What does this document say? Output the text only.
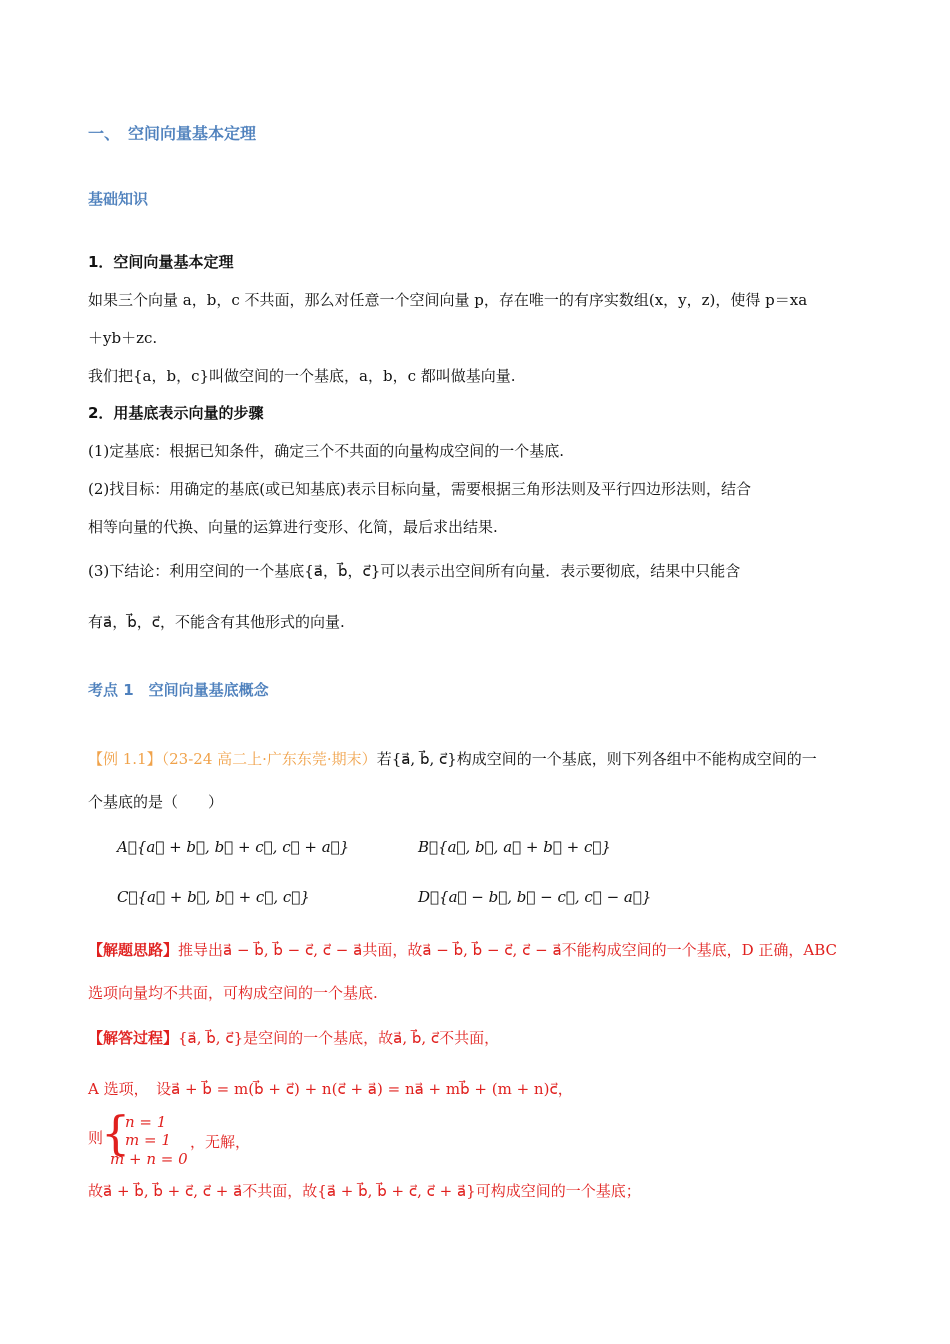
一、　空间向量基本定理
基础知识
1．空间向量基本定理
如果三个向量 a，b，c 不共面，那么对任意一个空间向量 p，存在唯一的有序实数组(x，y，z)，使得 p＝xa
＋yb＋zc.
我们把{a，b，c}叫做空间的一个基底，a，b，c 都叫做基向量.
2．用基底表示向量的步骤
(1)定基底：根据已知条件，确定三个不共面的向量构成空间的一个基底.
(2)找目标：用确定的基底(或已知基底)表示目标向量，需要根据三角形法则及平行四边形法则，结合
相等向量的代换、向量的运算进行变形、化简，最后求出结果.
(3)下结论：利用空间的一个基底{a⃗，b⃗，c⃗}可以表示出空间所有向量．表示要彻底，结果中只能含
有a⃗，b⃗，c⃗，不能含有其他形式的向量.
考点 1　空间向量基底概念
【例 1.1】（23-24 高二上·广东东莞·期末）若{a⃗, b⃗, c⃗}构成空间的一个基底，则下列各组中不能构成空间的一
个基底的是（　　）
A．{a⃗ + b⃗, b⃗ + c⃗, c⃗ + a⃗}	B．{a⃗, b⃗, a⃗ + b⃗ + c⃗}
C．{a⃗ + b⃗, b⃗ + c⃗, c⃗}	D．{a⃗ − b⃗, b⃗ − c⃗, c⃗ − a⃗}
【解题思路】推导出a⃗ − b⃗, b⃗ − c⃗, c⃗ − a⃗共面，故a⃗ − b⃗, b⃗ − c⃗, c⃗ − a⃗不能构成空间的一个基底，D 正确，ABC
选项向量均不共面，可构成空间的一个基底.
【解答过程】{a⃗, b⃗, c⃗}是空间的一个基底，故a⃗, b⃗, c⃗不共面，
A 选项，　设a⃗ + b⃗ = m(b⃗ + c⃗) + n(c⃗ + a⃗) = na⃗ + mb⃗ + (m + n)c⃗，
则
{
n = 1
m = 1
m + n = 0
，无解，
故a⃗ + b⃗, b⃗ + c⃗, c⃗ + a⃗不共面，故{a⃗ + b⃗, b⃗ + c⃗, c⃗ + a⃗}可构成空间的一个基底；
